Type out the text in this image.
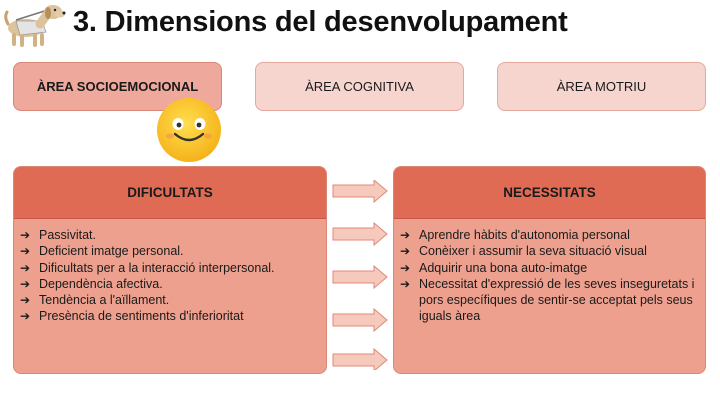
3. Dimensions del desenvolupament
ÀREA SOCIOEMOCIONAL	ÀREA COGNITIVA	ÀREA MOTRIU
DIFICULTATS
➔ Passivitat.
➔ Deficient imatge personal.
➔ Dificultats per a la interacció interpersonal.
➔ Dependència afectiva.
➔ Tendència a l'aïllament.
➔ Presència de sentiments d'inferioritat
NECESSITATS
➔ Aprendre hàbits d'autonomia personal
➔ Conèixer i assumir la seva situació visual
➔ Adquirir una bona auto-imatge
➔ Necessitat d'expressió de les seves inseguretats i pors específiques de sentir-se acceptat pels seus iguals àrea
